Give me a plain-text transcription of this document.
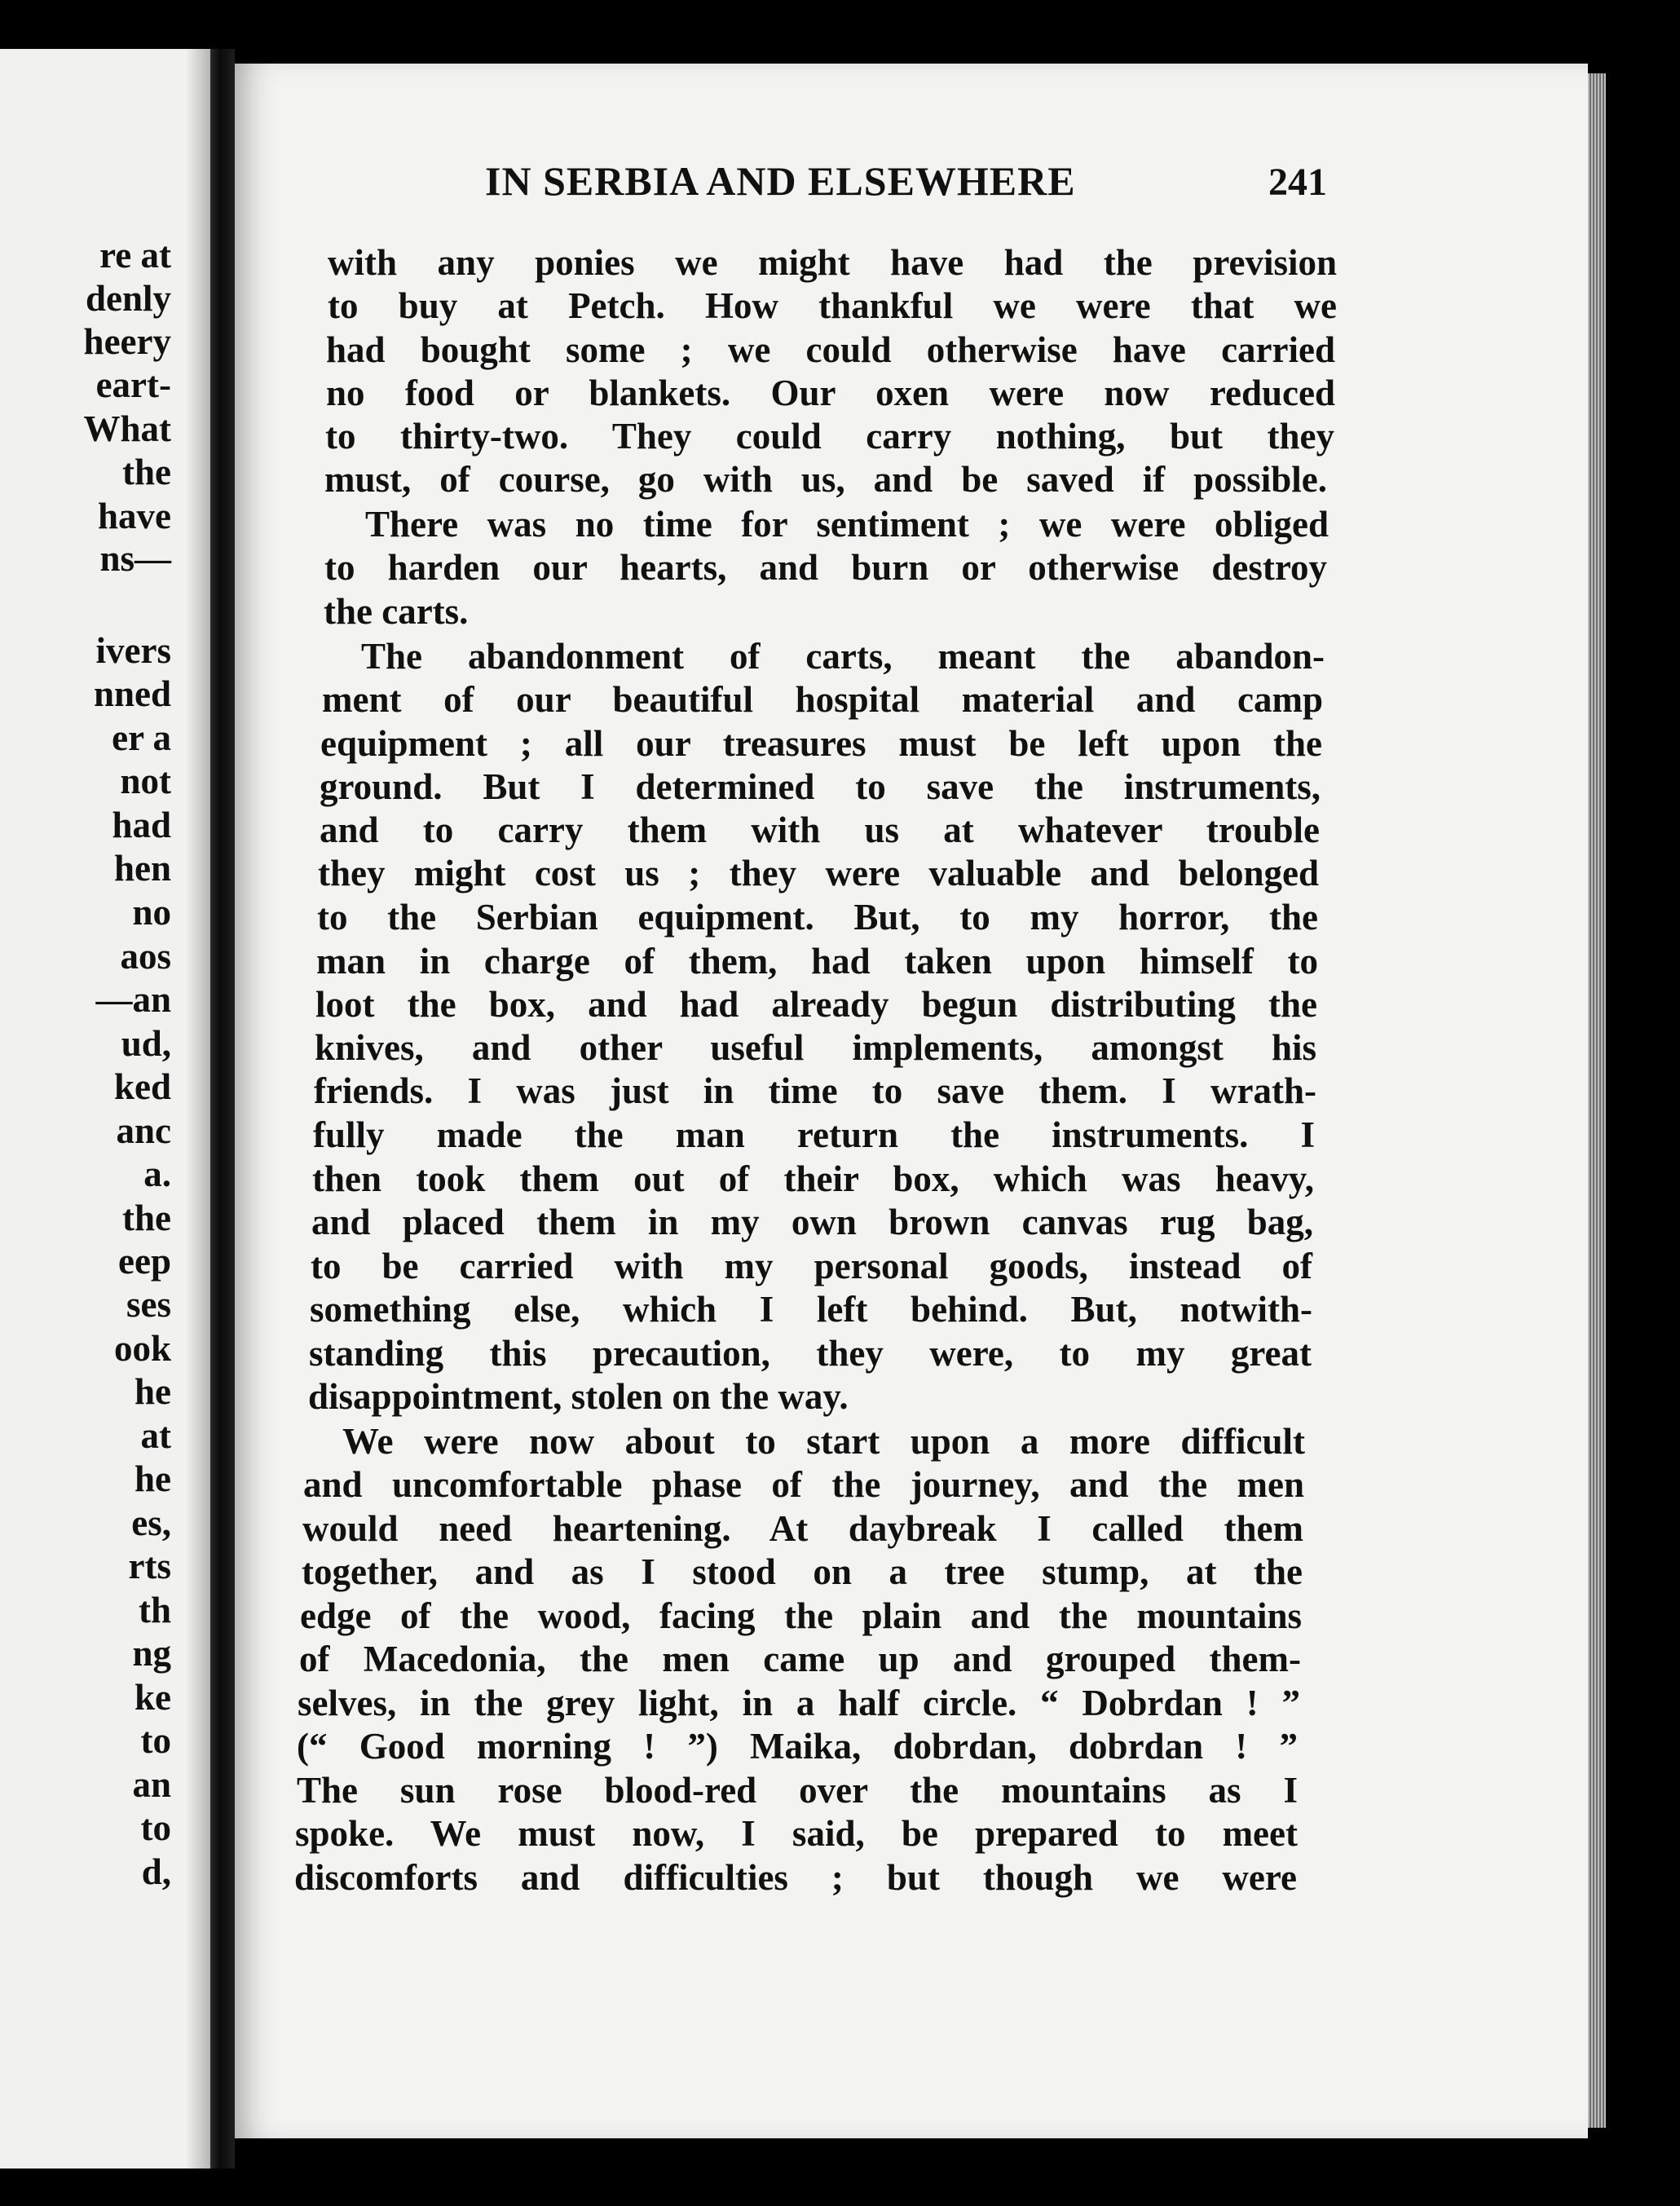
re at
denly
heery
eart-
What
the
have
ns—
ivers
nned
er a
not
had
hen
no
aos
—an
ud,
ked
anc
a.
the
eep
ses
ook
he
at
he
es,
rts
th
ng
ke
to
an
to
d,
IN SERBIA AND ELSEWHERE	241
with any ponies we might have had the prevision
to buy at Petch. How thankful we were that we
had bought some ; we could otherwise have carried
no food or blankets. Our oxen were now reduced
to thirty-two. They could carry nothing, but they
must, of course, go with us, and be saved if possible.
There was no time for sentiment ; we were obliged
to harden our hearts, and burn or otherwise destroy
the carts.
The abandonment of carts, meant the abandon-
ment of our beautiful hospital material and camp
equipment ; all our treasures must be left upon the
ground. But I determined to save the instruments,
and to carry them with us at whatever trouble
they might cost us ; they were valuable and belonged
to the Serbian equipment. But, to my horror, the
man in charge of them, had taken upon himself to
loot the box, and had already begun distributing the
knives, and other useful implements, amongst his
friends. I was just in time to save them. I wrath-
fully made the man return the instruments. I
then took them out of their box, which was heavy,
and placed them in my own brown canvas rug bag,
to be carried with my personal goods, instead of
something else, which I left behind. But, notwith-
standing this precaution, they were, to my great
disappointment, stolen on the way.
We were now about to start upon a more difficult
and uncomfortable phase of the journey, and the men
would need heartening. At daybreak I called them
together, and as I stood on a tree stump, at the
edge of the wood, facing the plain and the mountains
of Macedonia, the men came up and grouped them-
selves, in the grey light, in a half circle. “ Dobrdan ! ”
(“ Good morning ! ”) Maika, dobrdan, dobrdan ! ”
The sun rose blood-red over the mountains as I
spoke. We must now, I said, be prepared to meet
discomforts and difficulties ; but though we were
